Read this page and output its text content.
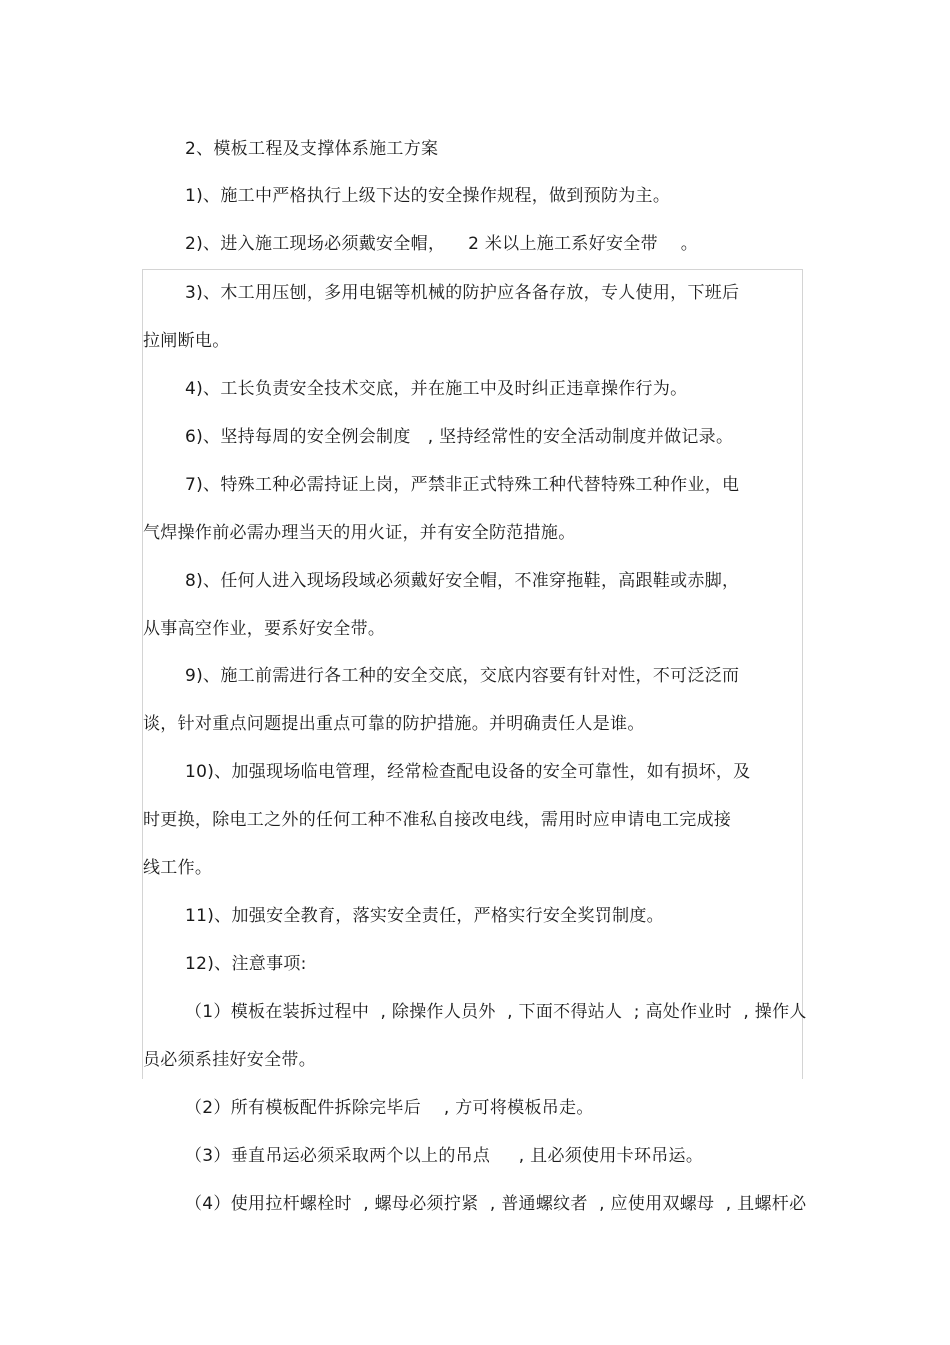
2、模板工程及支撑体系施工方案
1)、施工中严格执行上级下达的安全操作规程，做到预防为主。
2)、进入施工现场必须戴安全帽，    2 米以上施工系好安全带    。
3)、木工用压刨，多用电锯等机械的防护应各备存放，专人使用，下班后
拉闸断电。
4)、工长负责安全技术交底，并在施工中及时纠正违章操作行为。
6)、坚持每周的安全例会制度   , 坚持经常性的安全活动制度并做记录。
7)、特殊工种必需持证上岗，严禁非正式特殊工种代替特殊工种作业，电
气焊操作前必需办理当天的用火证，并有安全防范措施。
8)、任何人进入现场段域必须戴好安全帽，不准穿拖鞋，高跟鞋或赤脚，
从事高空作业，要系好安全带。
9)、施工前需进行各工种的安全交底，交底内容要有针对性，不可泛泛而
谈，针对重点问题提出重点可靠的防护措施。并明确责任人是谁。
10)、加强现场临电管理，经常检查配电设备的安全可靠性，如有损坏，及
时更换，除电工之外的任何工种不准私自接改电线，需用时应申请电工完成接
线工作。
11)、加强安全教育，落实安全责任，严格实行安全奖罚制度。
12)、注意事项:
（1）模板在装拆过程中  , 除操作人员外  , 下面不得站人  ; 高处作业时  , 操作人
员必须系挂好安全带。
（2）所有模板配件拆除完毕后    , 方可将模板吊走。
（3）垂直吊运必须采取两个以上的吊点     , 且必须使用卡环吊运。
（4）使用拉杆螺栓时  , 螺母必须拧紧  , 普通螺纹者  , 应使用双螺母  , 且螺杆必
